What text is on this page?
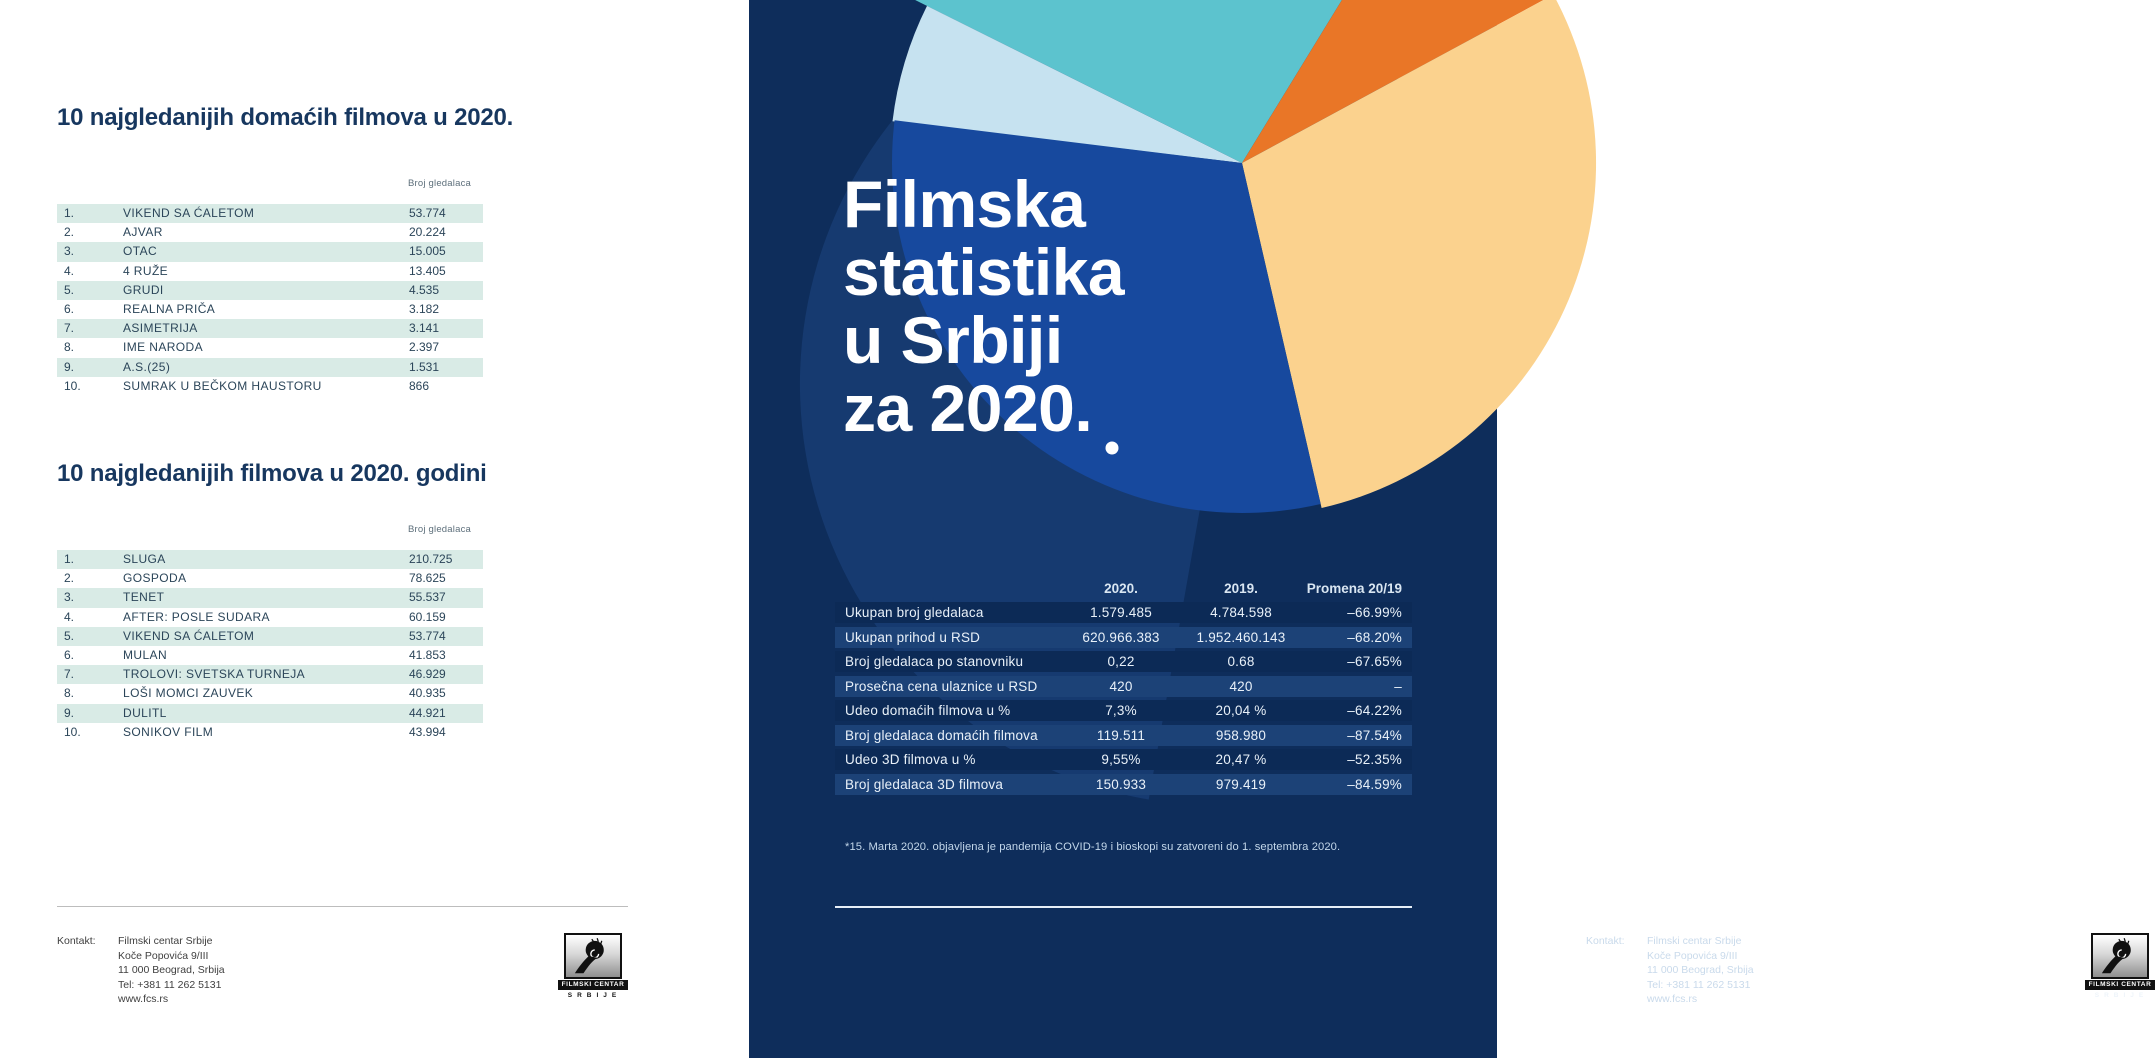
10 najgledanijih domaćih filmova u 2020.
Broj gledalaca
1.	VIKEND SA ĆALETOM	53.774
2.	AJVAR	20.224
3.	OTAC	15.005
4.	4 RUŽE	13.405
5.	GRUDI	4.535
6.	REALNA PRIČA	3.182
7.	ASIMETRIJA	3.141
8.	IME NARODA	2.397
9.	A.S.(25)	1.531
10.	SUMRAK U BEČKOM HAUSTORU	866
10 najgledanijih filmova u 2020. godini
Broj gledalaca
1.	SLUGA	210.725
2.	GOSPODA	78.625
3.	TENET	55.537
4.	AFTER: POSLE SUDARA	60.159
5.	VIKEND SA ĆALETOM	53.774
6.	MULAN	41.853
7.	TROLOVI: SVETSKA TURNEJA	46.929
8.	LOŠI MOMCI ZAUVEK	40.935
9.	DULITL	44.921
10.	SONIKOV FILM	43.994
Kontakt: Filmski centar Srbije
Koče Popovića 9/III
11 000 Beograd, Srbija
Tel: +381 11 262 5131
www.fcs.rs
FILMSKI CENTAR
SRBIJE
Filmska
statistika
u Srbiji
za 2020.
2020.	2019.	Promena 20/19
Ukupan broj gledalaca	1.579.485	4.784.598	–66.99%
Ukupan prihod u RSD	620.966.383	1.952.460.143	–68.20%
Broj gledalaca po stanovniku	0,22	0.68	–67.65%
Prosečna cena ulaznice u RSD	420	420	–
Udeo domaćih filmova u %	7,3%	20,04 %	–64.22%
Broj gledalaca domaćih filmova	119.511	958.980	–87.54%
Udeo 3D filmova u %	9,55%	20,47 %	–52.35%
Broj gledalaca 3D filmova	150.933	979.419	–84.59%
*15. Marta 2020. objavljena je pandemija COVID-19 i bioskopi su zatvoreni do 1. septembra 2020.
Kontakt: Filmski centar Srbije
Koče Popovića 9/III
11 000 Beograd, Srbija
Tel: +381 11 262 5131
www.fcs.rs
FILMSKI CENTAR
SRBIJE
